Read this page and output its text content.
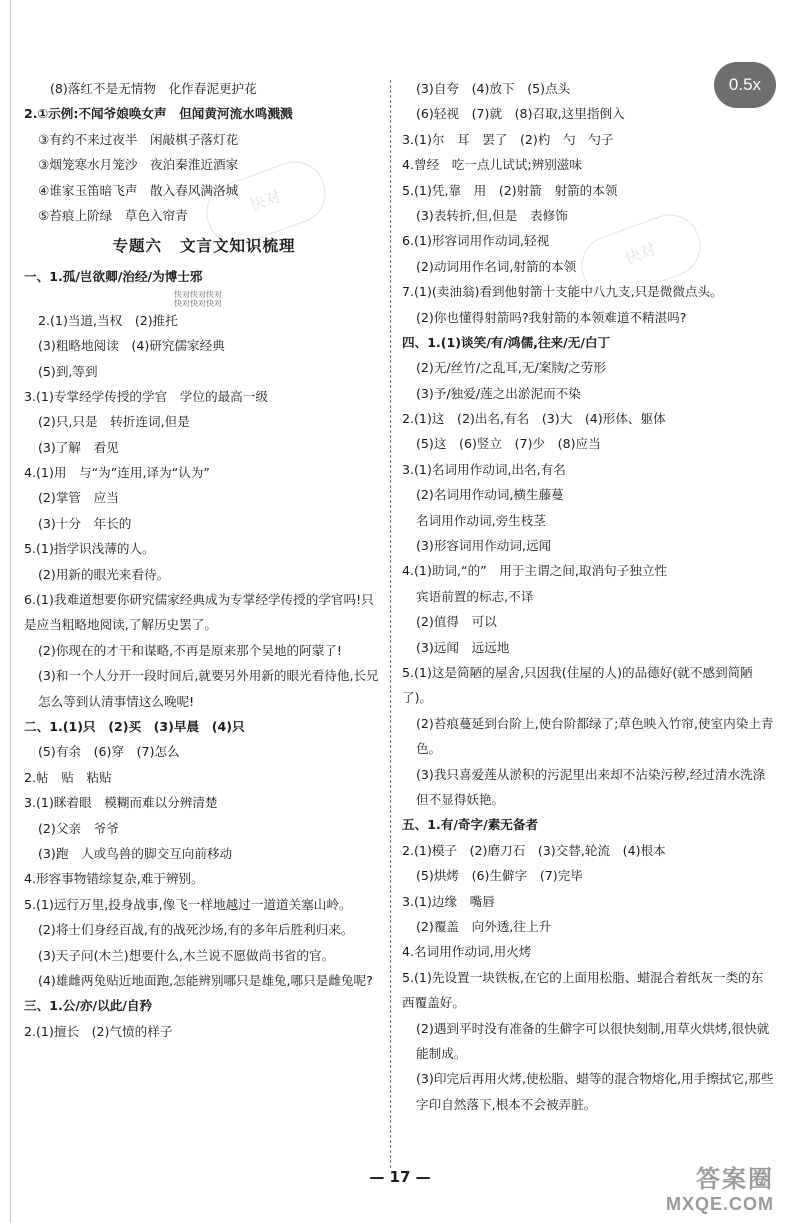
0.5x
快对
快对
(8)落红不是无情物　化作春泥更护花
2.①示例:不闻爷娘唤女声　但闻黄河流水鸣溅溅
③有约不来过夜半　闲敲棋子落灯花
③烟笼寒水月笼沙　夜泊秦淮近酒家
④谁家玉笛暗飞声　散入春风满洛城
⑤苔痕上阶绿　草色入帘青
专题六 文言文知识梳理
一、1.孤/岂欲卿/治经/为博士邪
快对快对快对
快对快对快对
2.(1)当道,当权　(2)推托
(3)粗略地阅读　(4)研究儒家经典
(5)到,等到
3.(1)专掌经学传授的学官　学位的最高一级
(2)只,只是　转折连词,但是
(3)了解　看见
4.(1)用　与“为”连用,译为“认为”
(2)掌管　应当
(3)十分　年长的
5.(1)指学识浅薄的人。
(2)用新的眼光来看待。
6.(1)我难道想要你研究儒家经典成为专掌经学传授的学官吗!只是应当粗略地阅读,了解历史罢了。
(2)你现在的才干和谋略,不再是原来那个吴地的阿蒙了!
(3)和一个人分开一段时间后,就要另外用新的眼光看待他,长兄怎么等到认清事情这么晚呢!
二、1.(1)只　(2)买　(3)早晨　(4)只
(5)有余　(6)穿　(7)怎么
2.帖　贴　粘贴
3.(1)眯着眼　模糊而难以分辨清楚
(2)父亲　爷爷
(3)跑　人或鸟兽的脚交互向前移动
4.形容事物错综复杂,难于辨别。
5.(1)远行万里,投身战事,像飞一样地越过一道道关塞山岭。
(2)将士们身经百战,有的战死沙场,有的多年后胜利归来。
(3)天子问(木兰)想要什么,木兰说不愿做尚书省的官。
(4)雄雌两兔贴近地面跑,怎能辨别哪只是雄兔,哪只是雌兔呢?
三、1.公/亦/以此/自矜
2.(1)擅长　(2)气愤的样子
(3)自夸　(4)放下　(5)点头
(6)轻视　(7)就　(8)召取,这里指倒入
3.(1)尔　耳　罢了　(2)杓　勺　勺子
4.曾经　吃一点儿试试;辨别滋味
5.(1)凭,靠　用　(2)射箭　射箭的本领
(3)表转折,但,但是　表修饰
6.(1)形容词用作动词,轻视
(2)动词用作名词,射箭的本领
7.(1)(卖油翁)看到他射箭十支能中八九支,只是微微点头。
(2)你也懂得射箭吗?我射箭的本领难道不精湛吗?
四、1.(1)谈笑/有/鸿儒,往来/无/白丁
(2)无/丝竹/之乱耳,无/案牍/之劳形
(3)予/独爱/莲之出淤泥而不染
2.(1)这　(2)出名,有名　(3)大　(4)形体、躯体
(5)这　(6)竖立　(7)少　(8)应当
3.(1)名词用作动词,出名,有名
(2)名词用作动词,横生藤蔓
名词用作动词,旁生枝茎
(3)形容词用作动词,远闻
4.(1)助词,“的”　用于主谓之间,取消句子独立性
宾语前置的标志,不译
(2)值得　可以
(3)远闻　远远地
5.(1)这是简陋的屋舍,只因我(住屋的人)的品德好(就不感到简陋了)。
(2)苔痕蔓延到台阶上,使台阶都绿了;草色映入竹帘,使室内染上青色。
(3)我只喜爱莲从淤积的污泥里出来却不沾染污秽,经过清水洗涤但不显得妖艳。
五、1.有/奇字/素无备者
2.(1)模子　(2)磨刀石　(3)交替,轮流　(4)根本
(5)烘烤　(6)生僻字　(7)完毕
3.(1)边缘　嘴唇
(2)覆盖　向外透,往上升
4.名词用作动词,用火烤
5.(1)先设置一块铁板,在它的上面用松脂、蜡混合着纸灰一类的东西覆盖好。
(2)遇到平时没有准备的生僻字可以很快刻制,用草火烘烤,很快就能制成。
(3)印完后再用火烤,使松脂、蜡等的混合物熔化,用手擦拭它,那些字印自然落下,根本不会被弄脏。
— 17 —	答案圈
MXQE.COM
